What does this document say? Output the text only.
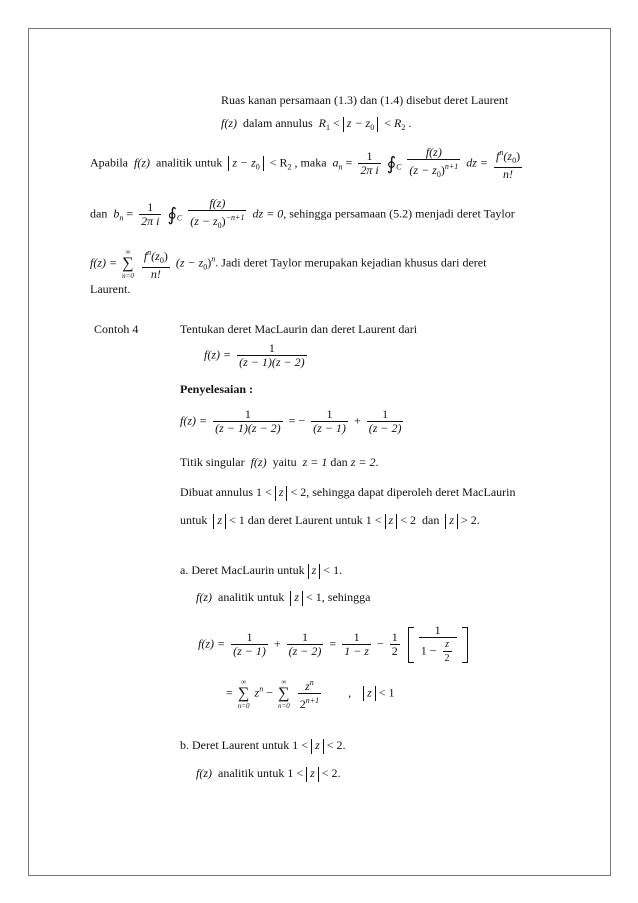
Ruas kanan persamaan (1.3) dan (1.4) disebut deret Laurent
f(z) dalam annulus $R_1 < z - z_0 < R_2$ .
Apabila f(z) analitik untuk $z - z_0 < R_2$ , maka $a_n = \frac{1}{\text{2π i}}$ $∮_C \frac{f(z)}{(z - z_0)^{n+1}}$ dz = $\frac{f^n(z_0)}{n!}$
dan $b_n = \frac{1}{\text{2π i}}$ $∮_C \frac{f(z)}{(z - z_0)^{-n+1}}$ dz = 0, sehingga persamaan (5.2) menjadi deret Taylor
f(z) = ∞
∑
$n=0 \frac{f^n(z_0)}{n!} (z - z_0)^n$. Jadi deret Taylor merupakan kejadian khusus dari deret
Laurent.
Contoh 4	Tentukan deret MacLaurin dan deret Laurent dari
$f(z) = \frac{1}{(z - 1)(z - 2)}$
Penyelesaian :
$f(z) = \frac{1}{(z - 1)(z - 2)}$ = − $\frac{1}{(z - 1)} + \frac{1}{(z - 2)}$
Titik singular f(z) yaitu z = 1 dan z = 2.
Dibuat annulus 1 < z < 2, sehingga dapat diperoleh deret MacLaurin
untuk z < 1 dan deret Laurent untuk 1 < z < 2 dan z > 2.
a. Deret MacLaurin untuk z < 1.
f(z) analitik untuk z < 1, sehingga
$f(z) = \frac{1}{(z - 1)} + \frac{1}{(z - 2)} = \frac{1}{1 - z} - \frac{1}{2}$
$\frac{1}{1 - \frac{z}{2}}$
= ∞
∑
n=0 $z^n$ − ∞
∑
$n=0 \frac{z^n}{2^{n+1}}$ , z < 1
b. Deret Laurent untuk 1 < z < 2.
f(z) analitik untuk 1 < z < 2.
